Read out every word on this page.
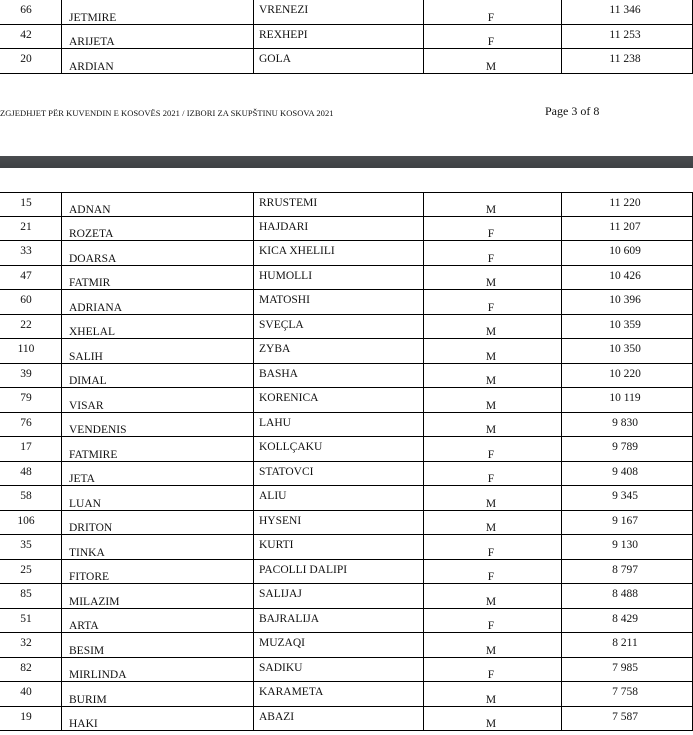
66
JETMIRE
VRENEZI
F
11 346
42
ARIJETA
REXHEPI
F
11 253
20
ARDIAN
GOLA
M
11 238
ZGJEDHJET PËR KUVENDIN E KOSOVËS 2021 / IZBORI ZA SKUPŠTINU KOSOVA 2021	Page 3 of 8
15
ADNAN
RRUSTEMI
M
11 220
21
ROZETA
HAJDARI
F
11 207
33
DOARSA
KICA XHELILI
F
10 609
47
FATMIR
HUMOLLI
M
10 426
60
ADRIANA
MATOSHI
F
10 396
22
XHELAL
SVEÇLA
M
10 359
110
SALIH
ZYBA
M
10 350
39
DIMAL
BASHA
M
10 220
79
VISAR
KORENICA
M
10 119
76
VENDENIS
LAHU
M
9 830
17
FATMIRE
KOLLÇAKU
F
9 789
48
JETA
STATOVCI
F
9 408
58
LUAN
ALIU
M
9 345
106
DRITON
HYSENI
M
9 167
35
TINKA
KURTI
F
9 130
25
FITORE
PACOLLI DALIPI
F
8 797
85
MILAZIM
SALIJAJ
M
8 488
51
ARTA
BAJRALIJA
F
8 429
32
BESIM
MUZAQI
M
8 211
82
MIRLINDA
SADIKU
F
7 985
40
BURIM
KARAMETA
M
7 758
19
HAKI
ABAZI
M
7 587
